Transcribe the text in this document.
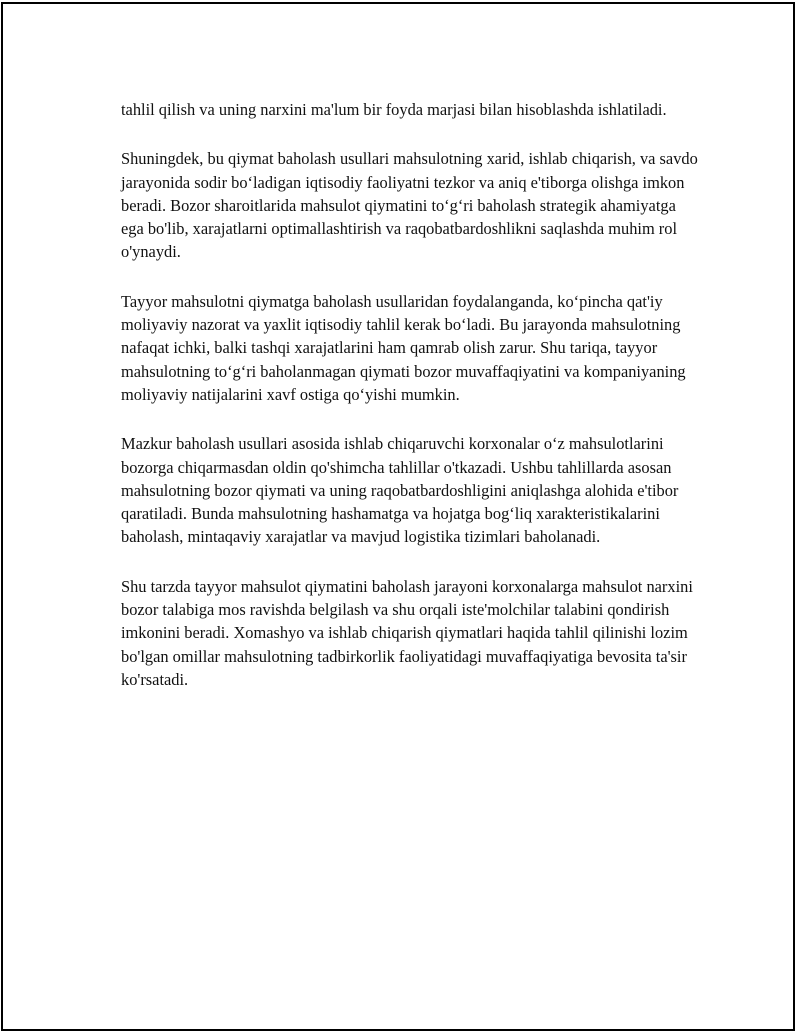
tahlil qilish va uning narxini ma'lum bir foyda marjasi bilan hisoblashda ishlatiladi.

Shuningdek, bu qiymat baholash usullari mahsulotning xarid, ishlab chiqarish, va savdo jarayonida sodir bo‘ladigan iqtisodiy faoliyatni tezkor va aniq e'tiborga olishga imkon beradi. Bozor sharoitlarida mahsulot qiymatini to‘g‘ri baholash strategik ahamiyatga ega bo'lib, xarajatlarni optimallashtirish va raqobatbardoshlikni saqlashda muhim rol o'ynaydi.

Tayyor mahsulotni qiymatga baholash usullaridan foydalanganda, ko‘pincha qat'iy moliyaviy nazorat va yaxlit iqtisodiy tahlil kerak bo‘ladi. Bu jarayonda mahsulotning nafaqat ichki, balki tashqi xarajatlarini ham qamrab olish zarur. Shu tariqa, tayyor mahsulotning to‘g‘ri baholanmagan qiymati bozor muvaffaqiyatini va kompaniyaning moliyaviy natijalarini xavf ostiga qo‘yishi mumkin.

Mazkur baholash usullari asosida ishlab chiqaruvchi korxonalar o‘z mahsulotlarini bozorga chiqarmasdan oldin qo'shimcha tahlillar o'tkazadi. Ushbu tahlillarda asosan mahsulotning bozor qiymati va uning raqobatbardoshligini aniqlashga alohida e'tibor qaratiladi. Bunda mahsulotning hashamatga va hojatga bog‘liq xarakteristikalarini baholash, mintaqaviy xarajatlar va mavjud logistika tizimlari baholanadi.

Shu tarzda tayyor mahsulot qiymatini baholash jarayoni korxonalarga mahsulot narxini bozor talabiga mos ravishda belgilash va shu orqali iste'molchilar talabini qondirish imkonini beradi. Xomashyo va ishlab chiqarish qiymatlari haqida tahlil qilinishi lozim bo'lgan omillar mahsulotning tadbirkorlik faoliyatidagi muvaffaqiyatiga bevosita ta'sir ko'rsatadi.
